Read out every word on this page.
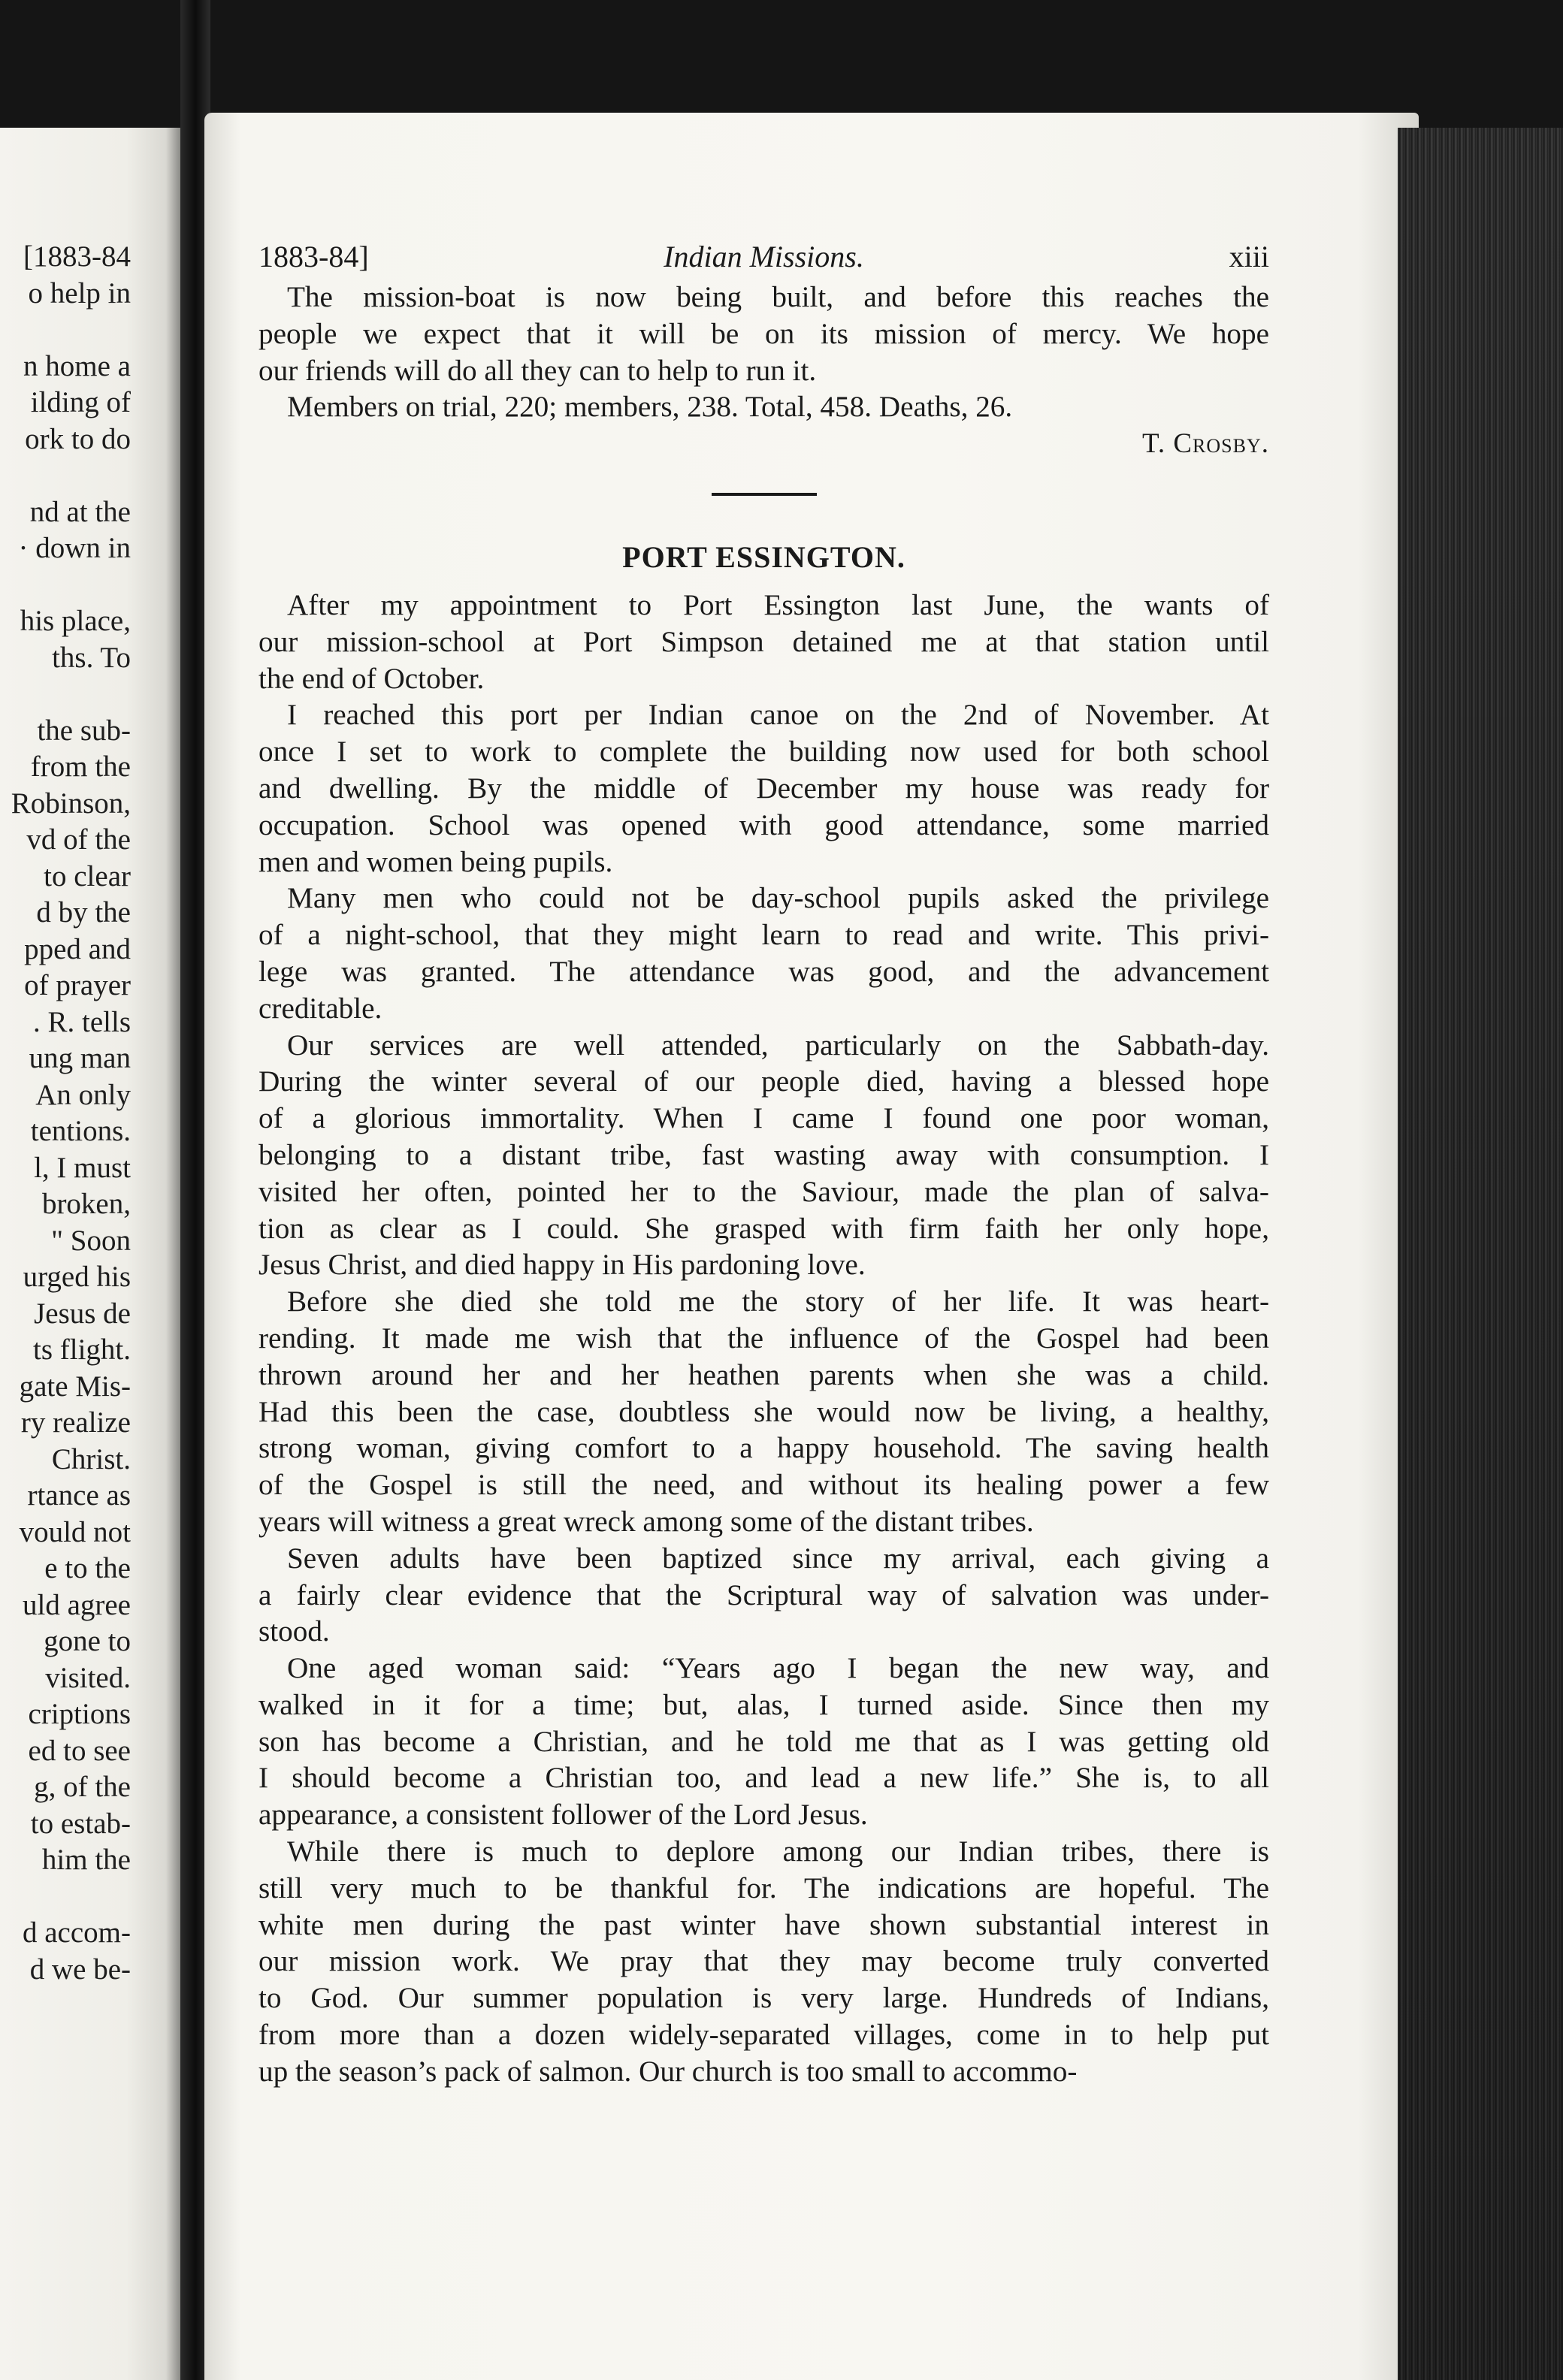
[1883-84
o help in
n home a
ilding of
ork to do
nd at the
· down in
his place,
ths. To
the sub-
from the
Robinson,
vd of the
to clear
d by the
pped and
of prayer
. R. tells
ung man
An only
tentions.
l, I must
broken,
" Soon
urged his
Jesus de
ts flight.
gate Mis-
ry realize
Christ.
rtance as
vould not
e to the
uld agree
gone to
visited.
criptions
ed to see
g, of the
to estab-
him the
d accom-
d we be-
1883-84]	Indian Missions.	xiii

The mission-boat is now being built, and before this reaches the
people we expect that it will be on its mission of mercy. We hope
our friends will do all they can to help to run it.

Members on trial, 220; members, 238. Total, 458. Deaths, 26.

T. Crosby.

PORT ESSINGTON.

After my appointment to Port Essington last June, the wants of
our mission-school at Port Simpson detained me at that station until
the end of October.

I reached this port per Indian canoe on the 2nd of November. At
once I set to work to complete the building now used for both school
and dwelling. By the middle of December my house was ready for
occupation. School was opened with good attendance, some married
men and women being pupils.

Many men who could not be day-school pupils asked the privilege
of a night-school, that they might learn to read and write. This privi-
lege was granted. The attendance was good, and the advancement
creditable.

Our services are well attended, particularly on the Sabbath-day.
During the winter several of our people died, having a blessed hope
of a glorious immortality. When I came I found one poor woman,
belonging to a distant tribe, fast wasting away with consumption. I
visited her often, pointed her to the Saviour, made the plan of salva-
tion as clear as I could. She grasped with firm faith her only hope,
Jesus Christ, and died happy in His pardoning love.

Before she died she told me the story of her life. It was heart-
rending. It made me wish that the influence of the Gospel had been
thrown around her and her heathen parents when she was a child.
Had this been the case, doubtless she would now be living, a healthy,
strong woman, giving comfort to a happy household. The saving health
of the Gospel is still the need, and without its healing power a few
years will witness a great wreck among some of the distant tribes.

Seven adults have been baptized since my arrival, each giving a
a fairly clear evidence that the Scriptural way of salvation was under-
stood.

One aged woman said: “Years ago I began the new way, and
walked in it for a time; but, alas, I turned aside. Since then my
son has become a Christian, and he told me that as I was getting old
I should become a Christian too, and lead a new life.” She is, to all
appearance, a consistent follower of the Lord Jesus.

While there is much to deplore among our Indian tribes, there is
still very much to be thankful for. The indications are hopeful. The
white men during the past winter have shown substantial interest in
our mission work. We pray that they may become truly converted
to God. Our summer population is very large. Hundreds of Indians,
from more than a dozen widely-separated villages, come in to help put
up the season’s pack of salmon. Our church is too small to accommo-
